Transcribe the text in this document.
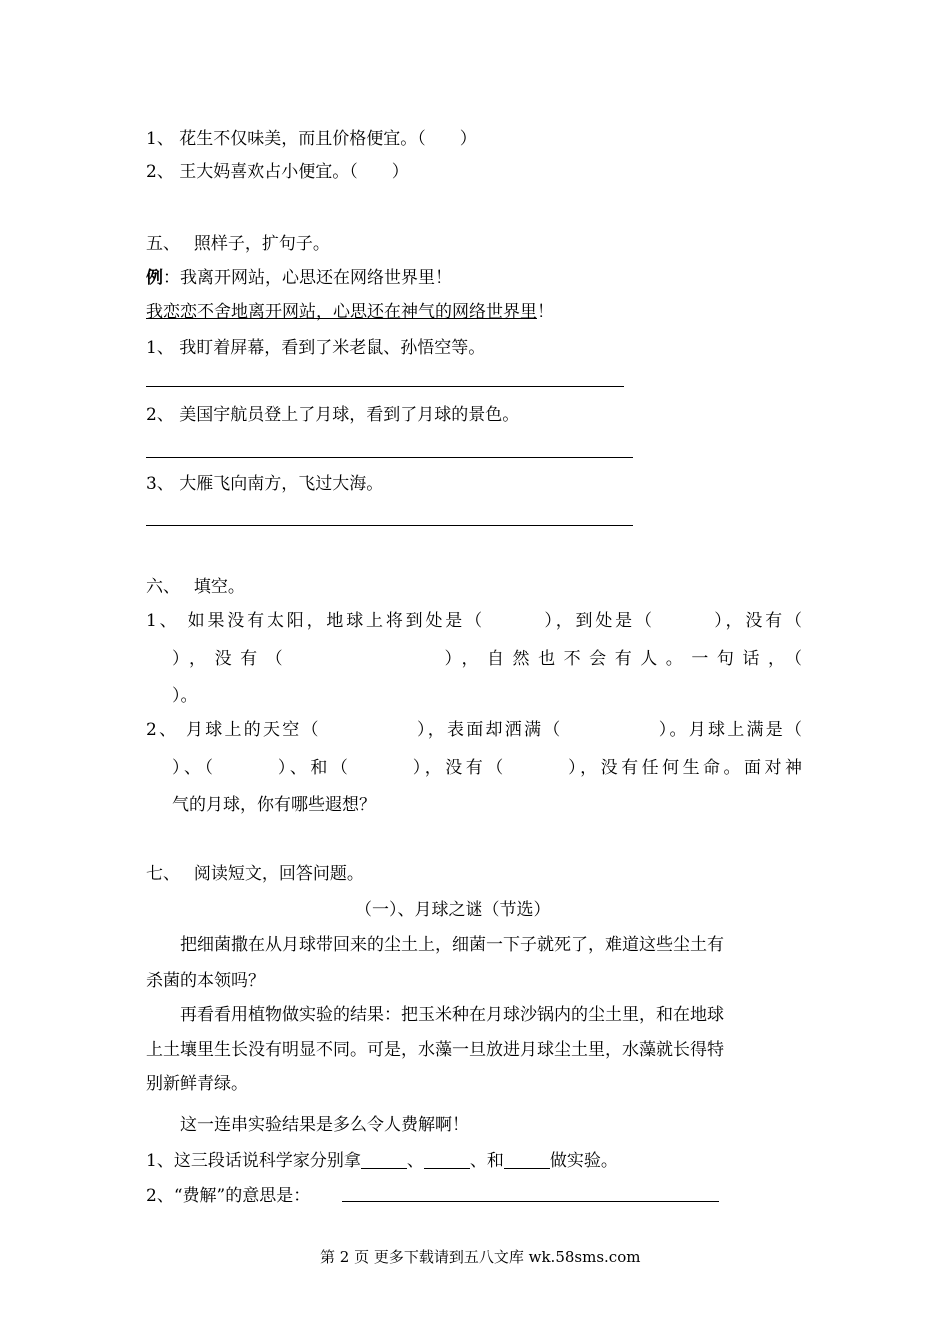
1、 花生不仅味美，而且价格便宜。（　　）
2、 王大妈喜欢占小便宜。（　　）
五、　 照样子，扩句子。
例：我离开网站，心思还在网络世界里！
我恋恋不舍地离开网站，心思还在神气的网络世界里！
1、 我盯着屏幕，看到了米老鼠、孙悟空等。
2、 美国宇航员登上了月球，看到了月球的景色。
3、 大雁飞向南方，飞过大海。
六、　 填空。
1、 如果没有太阳，地球上将到处是（　　　），到处是（　　　），没有（
），没有（　　　　　　），自然也不会有人。一句话，（
）。
2、 月球上的天空（　　　　　），表面却洒满（　　　　　）。月球上满是（
）、（　　　）、和（　　　），没有（　　　），没有任何生命。面对神
气的月球，你有哪些遐想？
七、　 阅读短文，回答问题。
（一）、月球之谜（节选）
把细菌撒在从月球带回来的尘土上，细菌一下子就死了，难道这些尘土有
杀菌的本领吗？
再看看用植物做实验的结果：把玉米种在月球沙锅内的尘土里，和在地球
上土壤里生长没有明显不同。可是，水藻一旦放进月球尘土里，水藻就长得特
别新鲜青绿。
这一连串实验结果是多么令人费解啊！
1、这三段话说科学家分别拿	、	、和	做实验。
2、“费解”的意思是：
第 2 页 更多下载请到五八文库 wk.58sms.com
